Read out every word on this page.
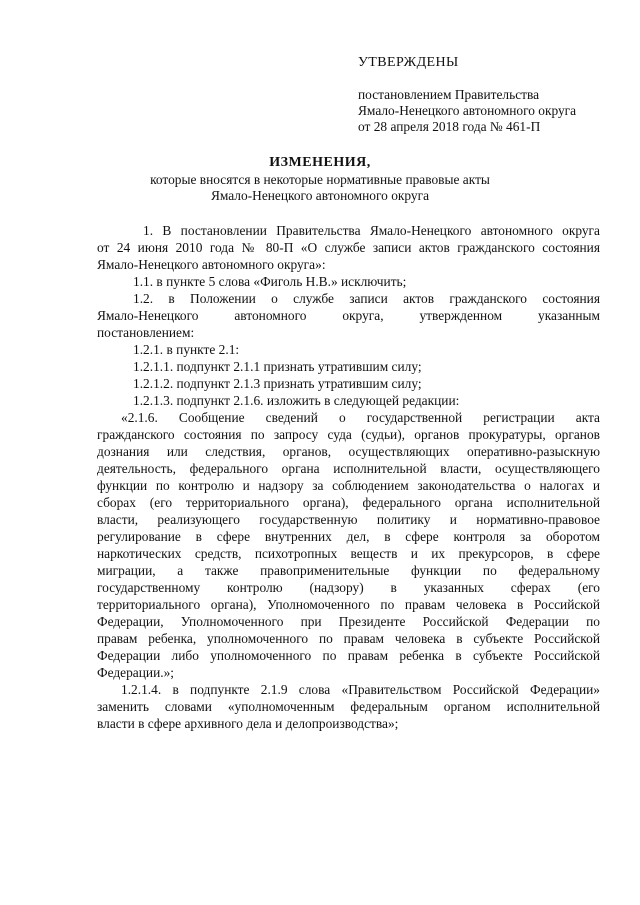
УТВЕРЖДЕНЫ
постановлением Правительства
Ямало-Ненецкого автономного округа
от 28 апреля 2018 года № 461-П
ИЗМЕНЕНИЯ,
которые вносятся в некоторые нормативные правовые акты
Ямало-Ненецкого автономного округа
1. В постановлении Правительства Ямало-Ненецкого автономного округа
от 24 июня 2010 года № 80-П «О службе записи актов гражданского состояния
Ямало-Ненецкого автономного округа»:
1.1. в пункте 5 слова «Фиголь Н.В.» исключить;
1.2. в Положении о службе записи актов гражданского состояния
Ямало-Ненецкого автономного округа, утвержденном указанным
постановлением:
1.2.1. в пункте 2.1:
1.2.1.1. подпункт 2.1.1 признать утратившим силу;
1.2.1.2. подпункт 2.1.3 признать утратившим силу;
1.2.1.3. подпункт 2.1.6. изложить в следующей редакции:
«2.1.6. Сообщение сведений о государственной регистрации акта
гражданского состояния по запросу суда (судьи), органов прокуратуры, органов
дознания или следствия, органов, осуществляющих оперативно-разыскную
деятельность, федерального органа исполнительной власти, осуществляющего
функции по контролю и надзору за соблюдением законодательства о налогах и
сборах (его территориального органа), федерального органа исполнительной
власти, реализующего государственную политику и нормативно-правовое
регулирование в сфере внутренних дел, в сфере контроля за оборотом
наркотических средств, психотропных веществ и их прекурсоров, в сфере
миграции, а также правоприменительные функции по федеральному
государственному контролю (надзору) в указанных сферах (его
территориального органа), Уполномоченного по правам человека в Российской
Федерации, Уполномоченного при Президенте Российской Федерации по
правам ребенка, уполномоченного по правам человека в субъекте Российской
Федерации либо уполномоченного по правам ребенка в субъекте Российской
Федерации.»;
1.2.1.4. в подпункте 2.1.9 слова «Правительством Российской Федерации»
заменить словами «уполномоченным федеральным органом исполнительной
власти в сфере архивного дела и делопроизводства»;
